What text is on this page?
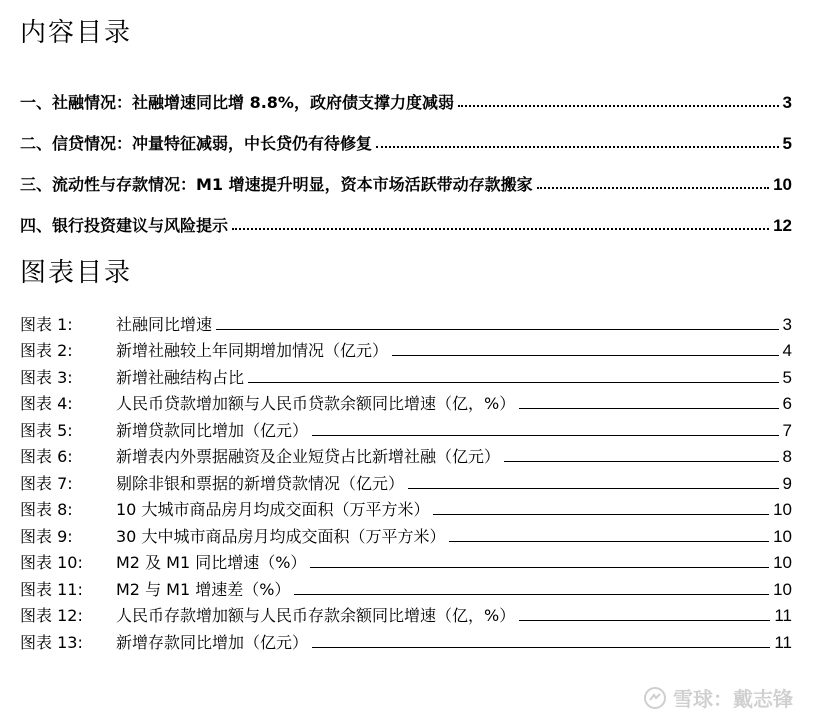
内容目录
一、社融情况：社融增速同比增 8.8%，政府债支撑力度减弱	3
二、信贷情况：冲量特征减弱，中长贷仍有待修复	5
三、流动性与存款情况：M1 增速提升明显，资本市场活跃带动存款搬家	10
四、银行投资建议与风险提示	12
图表目录
图表 1:	社融同比增速	3
图表 2:	新增社融较上年同期增加情况（亿元）	4
图表 3:	新增社融结构占比	5
图表 4:	人民币贷款增加额与人民币贷款余额同比增速（亿，%）	6
图表 5:	新增贷款同比增加（亿元）	7
图表 6:	新增表内外票据融资及企业短贷占比新增社融（亿元）	8
图表 7:	剔除非银和票据的新增贷款情况（亿元）	9
图表 8:	10 大城市商品房月均成交面积（万平方米）	10
图表 9:	30 大中城市商品房月均成交面积（万平方米）	10
图表 10:	M2 及 M1 同比增速（%）	10
图表 11:	M2 与 M1 增速差（%）	10
图表 12:	人民币存款增加额与人民币存款余额同比增速（亿，%）	11
图表 13:	新增存款同比增加（亿元）	11
雪球：戴志锋
